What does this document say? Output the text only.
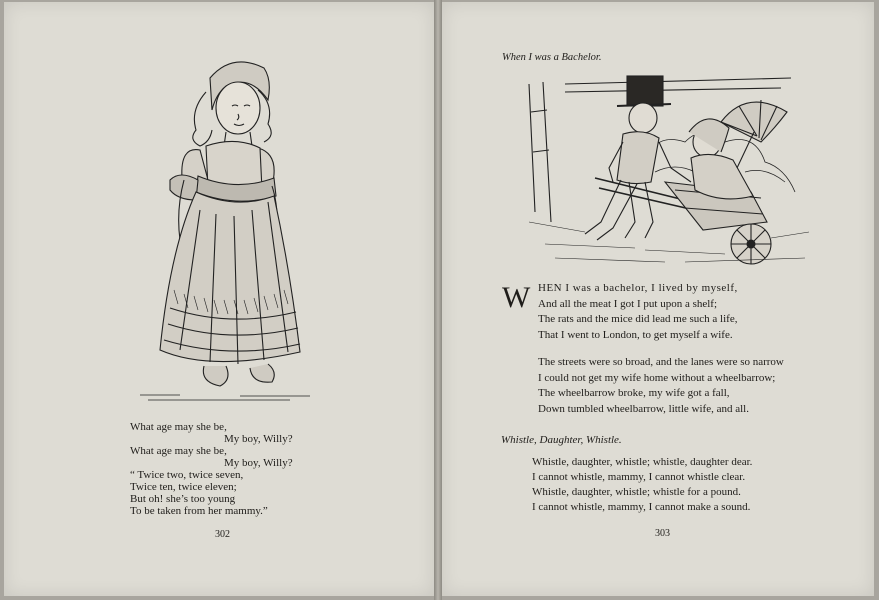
What age may she be,
My boy, Willy?
What age may she be,
My boy, Willy?
“ Twice two, twice seven,
Twice ten, twice eleven;
But oh! she’s too young
To be taken from her mammy.”
302
When I was a Bachelor.
W HEN I was a bachelor, I lived by myself,
And all the meat I got I put upon a shelf;
The rats and the mice did lead me such a life,
That I went to London, to get myself a wife.
The streets were so broad, and the lanes were so narrow
I could not get my wife home without a wheelbarrow;
The wheelbarrow broke, my wife got a fall,
Down tumbled wheelbarrow, little wife, and all.
Whistle, Daughter, Whistle.
Whistle, daughter, whistle; whistle, daughter dear.
I cannot whistle, mammy, I cannot whistle clear.
Whistle, daughter, whistle; whistle for a pound.
I cannot whistle, mammy, I cannot make a sound.
303
